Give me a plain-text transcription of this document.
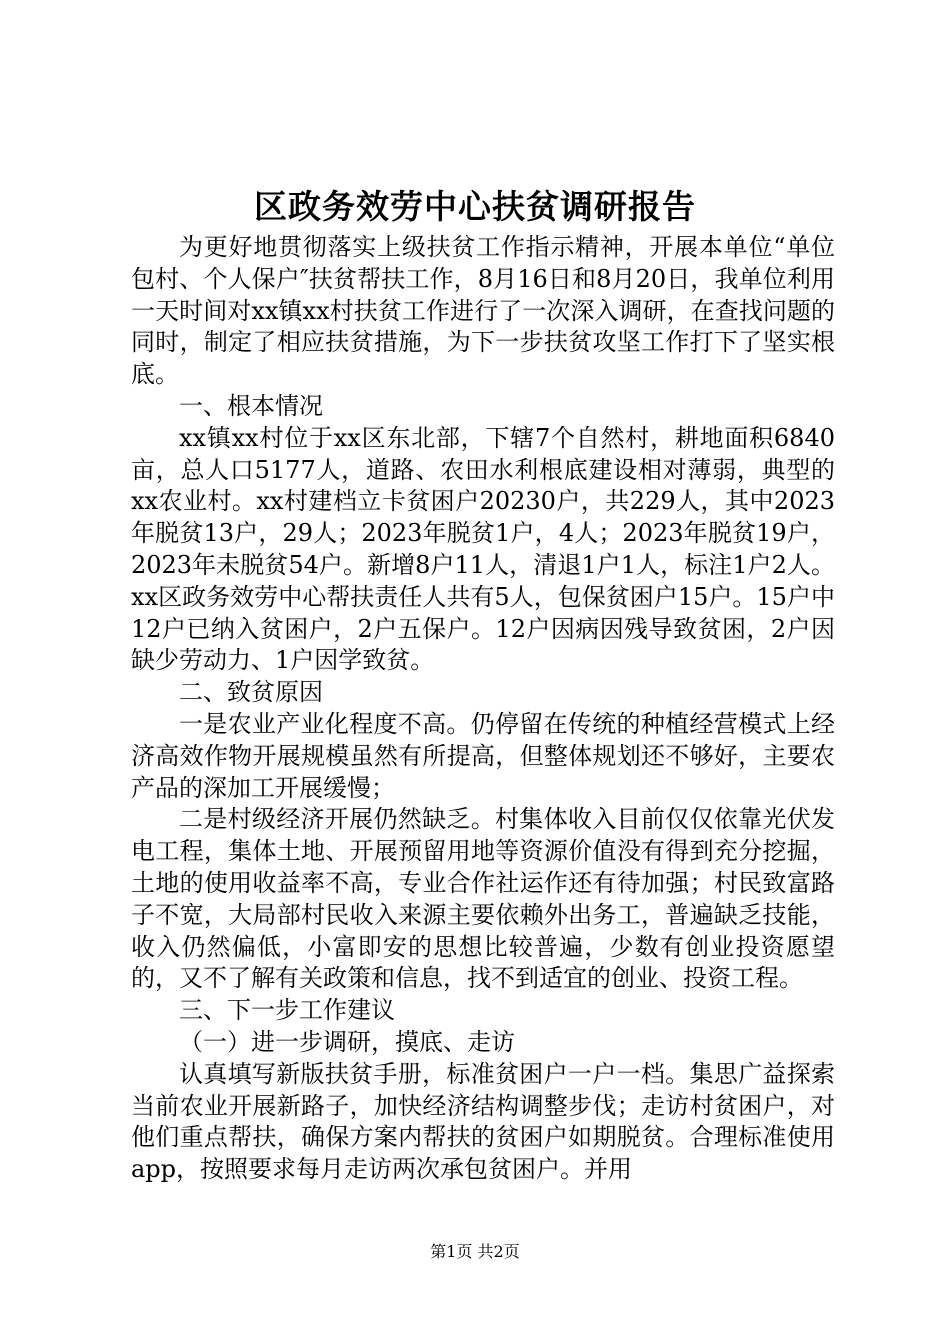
区政务效劳中心扶贫调研报告

为更好地贯彻落实上级扶贫工作指示精神，开展本单位“单位包村、个人保户″扶贫帮扶工作，8月16日和8月20日，我单位利用一天时间对xx镇xx村扶贫工作进行了一次深入调研，在查找问题的同时，制定了相应扶贫措施，为下一步扶贫攻坚工作打下了坚实根底。

一、根本情况

xx镇xx村位于xx区东北部，下辖7个自然村，耕地面积6840亩，总人口5177人，道路、农田水利根底建设相对薄弱，典型的xx农业村。xx村建档立卡贫困户20230户，共229人，其中2023年脱贫13户，29人；2023年脱贫1户，4人；2023年脱贫19户，2023年未脱贫54户。新增8户11人，清退1户1人，标注1户2人。xx区政务效劳中心帮扶责任人共有5人，包保贫困户15户。15户中12户已纳入贫困户，2户五保户。12户因病因残导致贫困，2户因缺少劳动力、1户因学致贫。

二、致贫原因

一是农业产业化程度不高。仍停留在传统的种植经营模式上经济高效作物开展规模虽然有所提高，但整体规划还不够好，主要农产品的深加工开展缓慢；

二是村级经济开展仍然缺乏。村集体收入目前仅仅依靠光伏发电工程，集体土地、开展预留用地等资源价值没有得到充分挖掘，土地的使用收益率不高，专业合作社运作还有待加强；村民致富路子不宽，大局部村民收入来源主要依赖外出务工，普遍缺乏技能，收入仍然偏低，小富即安的思想比较普遍，少数有创业投资愿望的，又不了解有关政策和信息，找不到适宜的创业、投资工程。

三、下一步工作建议

（一）进一步调研，摸底、走访

认真填写新版扶贫手册，标准贫困户一户一档。集思广益探索当前农业开展新路子，加快经济结构调整步伐；走访村贫困户，对他们重点帮扶，确保方案内帮扶的贫困户如期脱贫。合理标准使用　 app，按照要求每月走访两次承包贫困户。并用

第1页 共2页
